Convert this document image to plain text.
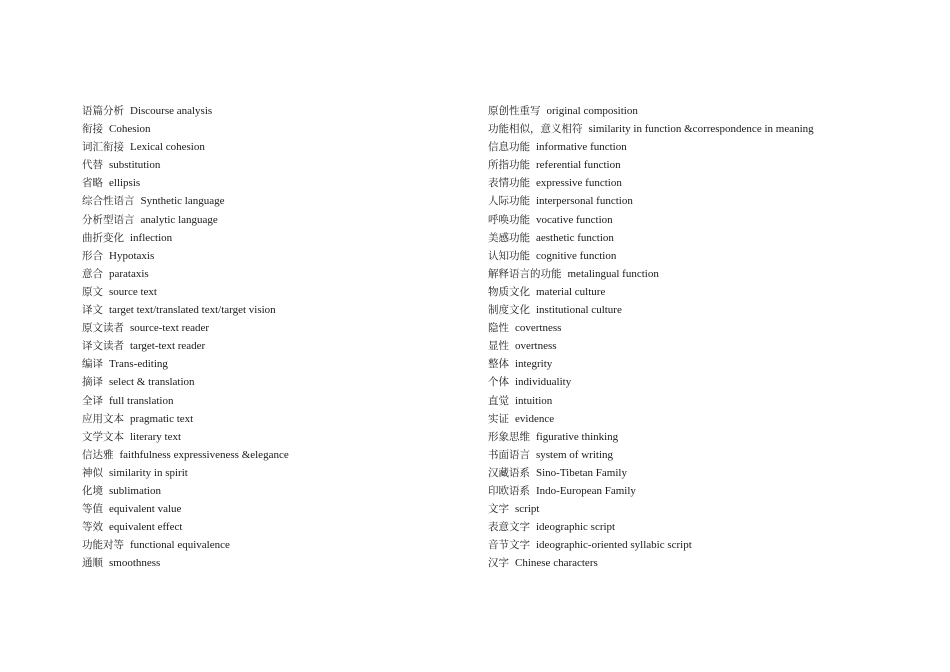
语篇分析 Discourse analysis
衔接 Cohesion
词汇衔接 Lexical cohesion
代替 substitution
省略 ellipsis
综合性语言 Synthetic language
分析型语言 analytic language
曲折变化 inflection
形合 Hypotaxis
意合 parataxis
原文 source text
译文 target text/translated text/target vision
原文读者 source-text reader
译文读者 target-text reader
编译 Trans-editing
摘译 select & translation
全译 full translation
应用文本 pragmatic text
文学文本 literary text
信达雅 faithfulness expressiveness &elegance
神似 similarity in spirit
化境 sublimation
等值 equivalent value
等效 equivalent effect
功能对等 functional equivalence
通顺 smoothness
原创性重写 original composition
功能相似，意义相符 similarity in function &correspondence in meaning
信息功能 informative function
所指功能 referential function
表情功能 expressive function
人际功能 interpersonal function
呼唤功能 vocative function
美感功能 aesthetic function
认知功能 cognitive function
解释语言的功能 metalingual function
物质文化 material culture
制度文化 institutional culture
隐性 covertness
显性 overtness
整体 integrity
个体 individuality
直觉 intuition
实证 evidence
形象思维 figurative thinking
书面语言 system of writing
汉藏语系 Sino-Tibetan Family
印欧语系 Indo-European Family
文字 script
表意文字 ideographic script
音节文字 ideographic-oriented syllabic script
汉字 Chinese characters
